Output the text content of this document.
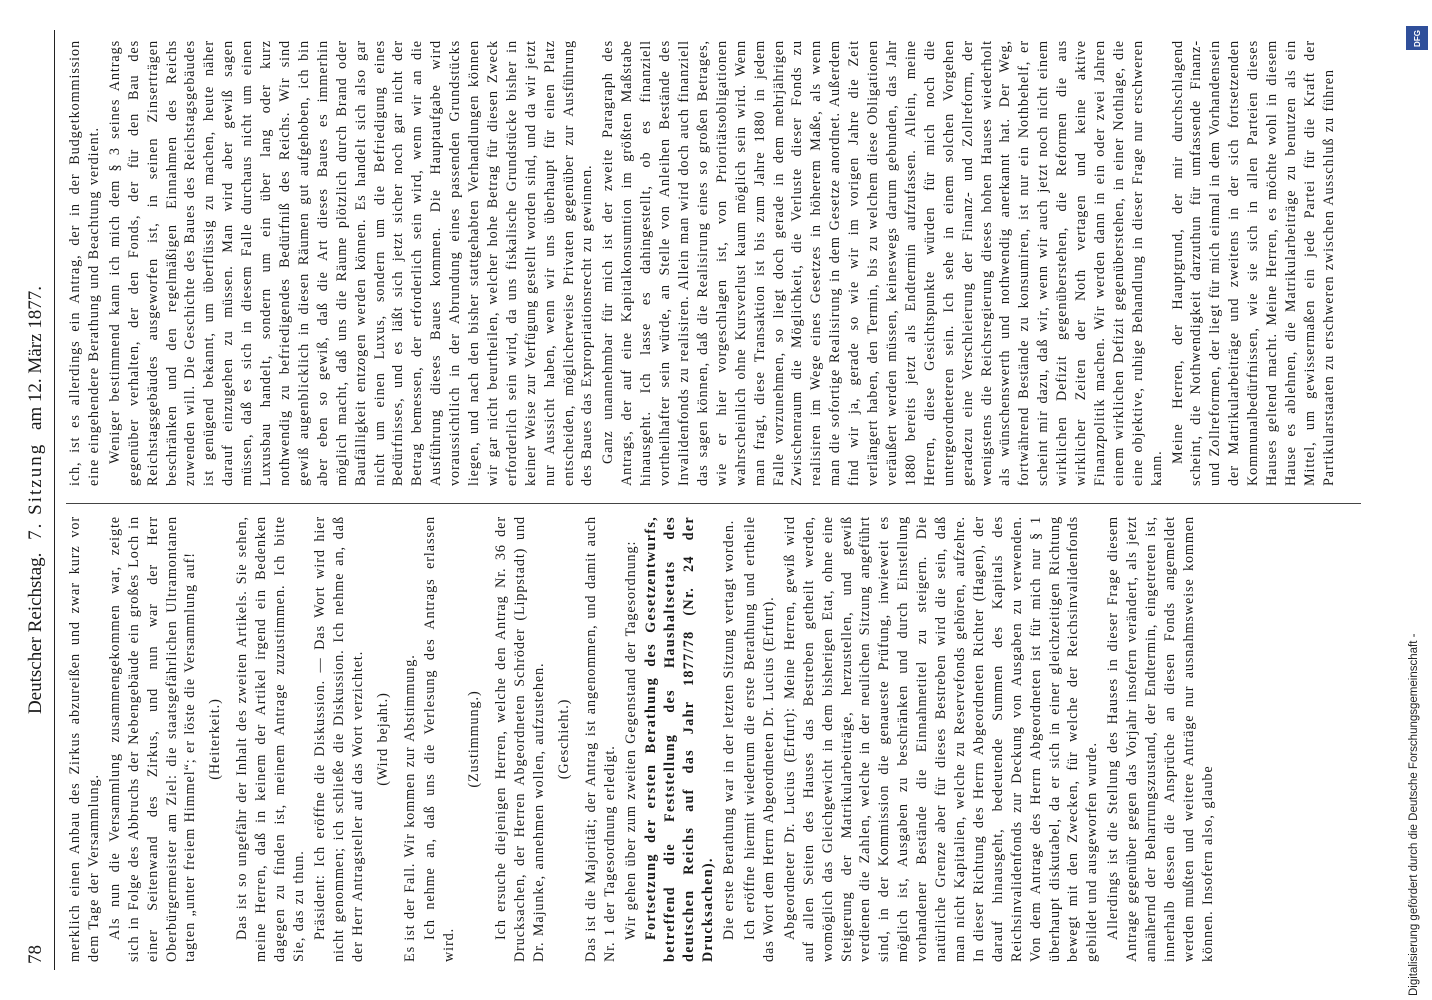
78
Deutscher Reichstag. 7. Sitzung am 12. März 1877.

merklich einen Anbau des Zirkus abzureißen und zwar kurz vor dem Tage der Versammlung. Als nun die Versammlung zusammengekommen war, zeigte sich in Folge des Abbruchs der Nebengebäude ein großes Loch in einer Seitenwand des Zirkus, und nun war der Herr Oberbürgermeister am Ziel: die staatsgefährlichen Ultramontanen tagten „unter freiem Himmel“; er löste die Versammlung auf! (Heiterkeit.) Das ist so ungefähr der Inhalt des zweiten Artikels. Sie sehen, meine Herren, daß in keinem der Artikel irgend ein Bedenken dagegen zu finden ist, meinem Antrage zuzustimmen. Ich bitte Sie, das zu thun. Präsident: Ich eröffne die Diskussion. — Das Wort wird hier nicht genommen; ich schließe die Diskussion. Ich nehme an, daß der Herr Antragsteller auf das Wort verzichtet. (Wird bejaht.) Es ist der Fall. Wir kommen zur Abstimmung. Ich nehme an, daß uns die Verlesung des Antrags erlassen wird.

(Zustimmung.) Ich ersuche diejenigen Herren, welche den Antrag Nr. 36 der Drucksachen, der Herren Abgeordneten Schröder (Lippstadt) und Dr. Majunke, annehmen wollen, aufzustehen. (Geschieht.) Das ist die Majorität; der Antrag ist angenommen, und damit auch Nr. 1 der Tagesordnung erledigt. Wir gehen über zum zweiten Gegenstand der Tagesordnung: Fortsetzung der ersten Berathung des Gesetzentwurfs, betreffend die Feststellung des Haushaltsetats des deutschen Reichs auf das Jahr 1877/78 (Nr. 24 der Drucksachen). Die erste Berathung war in der letzten Sitzung vertagt worden. Ich eröffne hiermit wiederum die erste Berathung und ertheile das Wort dem Herrn Abgeordneten Dr. Lucius (Erfurt). Abgeordneter Dr. Lucius (Erfurt): Meine Herren, gewiß wird auf allen Seiten des Hauses das Bestreben getheilt werden, womöglich das Gleichgewicht in dem bisherigen Etat, ohne eine Steigerung der Matrikularbeiträge, herzustellen, und gewiß verdienen die Zahlen, welche in der neulichen Sitzung angeführt sind, in der Kommission die genaueste Prüfung, inwieweit es möglich ist, Ausgaben zu beschränken und durch Einstellung vorhandener Bestände die Einnahmetitel zu steigern. Die natürliche Grenze aber für dieses Bestreben wird die sein, daß man nicht Kapitalien, welche zu Reservefonds gehören, aufzehre. In dieser Richtung des Herrn Abgeordneten Richter (Hagen), der darauf hinausgeht, bedeutende Summen des Kapitals des Reichsinvalidenfonds zur Deckung von Ausgaben zu verwenden. Von dem Antrage des Herrn Abgeordneten ist für mich nur § 1 überhaupt diskutabel, da er sich in einer gleichzeitigen Richtung bewegt mit den Zwecken, für welche der Reichsinvalidenfonds gebildet und ausgeworfen wurde. Allerdings ist die Stellung des Hauses in dieser Frage diesem Antrage gegenüber gegen das Vorjahr insofern verändert, als jetzt annähernd der Beharrungszustand, der Endtermin, eingetreten ist, innerhalb dessen die Ansprüche an diesen Fonds angemeldet werden mußten und weitere Anträge nur ausnahmsweise kommen können. Insofern also, glaube

ich, ist es allerdings ein Antrag, der in der Budgetkommission eine eingehendere Berathung und Beachtung verdient. Weniger bestimmend kann ich mich dem § 3 seines Antrags gegenüber verhalten, der den Fonds, der für den Bau des Reichstagsgebäudes ausgeworfen ist, in seinen Zinserträgen beschränken und den regelmäßigen Einnahmen des Reichs zuwenden will. Die Geschichte des Baues des Reichstagsgebäudes ist genügend bekannt, um überflüssig zu machen, heute näher darauf einzugehen zu müssen. Man wird aber gewiß sagen müssen, daß es sich in diesem Falle durchaus nicht um einen Luxusbau handelt, sondern um ein über lang oder kurz nothwendig zu befriedigendes Bedürfniß des Reichs. Wir sind gewiß augenblicklich in diesen Räumen gut aufgehoben, ich bin aber eben so gewiß, daß die Art dieses Baues es immerhin möglich macht, daß uns die Räume plötzlich durch Brand oder Baufälligkeit entzogen werden können. Es handelt sich also gar nicht um einen Luxus, sondern um die Befriedigung eines Bedürfnisses, und es läßt sich jetzt sicher noch gar nicht der Betrag bemessen, der erforderlich sein wird, wenn wir an die Ausführung dieses Baues kommen. Die Hauptaufgabe wird voraussichtlich in der Abrundung eines passenden Grundstücks liegen, und nach den bisher stattgehabten Verhandlungen können wir gar nicht beurtheilen, welcher hohe Betrag für diesen Zweck erforderlich sein wird, da uns fiskalische Grundstücke bisher in keiner Weise zur Verfügung gestellt worden sind, und da wir jetzt nur Aussicht haben, wenn wir uns überhaupt für einen Platz entscheiden, möglicherweise Privaten gegenüber zur Ausführung des Baues das Expropriationsrecht zu gewinnen. Ganz unannehmbar für mich ist der zweite Paragraph des Antrags, der auf eine Kapitalkonsumtion im größten Maßstabe hinausgeht. Ich lasse es dahingestellt, ob es finanziell vortheilhafter sein würde, an Stelle von Anleihen Bestände des Invalidenfonds zu realisiren. Allein man wird doch auch finanziell das sagen können, daß die Realisirung eines so großen Betrages, wie er hier vorgeschlagen ist, von Prioritätsobligationen wahrscheinlich ohne Kursverlust kaum möglich sein wird. Wenn man fragt, diese Transaktion ist bis zum Jahre 1880 in jedem Falle vorzunehmen, so liegt doch gerade in dem mehrjährigen Zwischenraum die Möglichkeit, die Verluste dieser Fonds zu realisiren im Wege eines Gesetzes in höherem Maße, als wenn man die sofortige Realisirung in dem Gesetze anordnet. Außerdem find wir ja, gerade so wie wir im vorigen Jahre die Zeit verlängert haben, den Termin, bis zu welchem diese Obligationen veräußert werden müssen, keineswegs darum gebunden, das Jahr 1880 bereits jetzt als Endtermin aufzufassen. Allein, meine Herren, diese Gesichtspunkte würden für mich noch die untergeordneteren sein. Ich sehe in einem solchen Vorgehen geradezu eine Verschleierung der Finanz- und Zollreform, der wenigstens die Reichsregierung dieses hohen Hauses wiederholt als wünschenswerth und nothwendig anerkannt hat. Der Weg, fortwährend Bestände zu konsumiren, ist nur ein Nothbehelf, er scheint mir dazu, daß wir, wenn wir auch jetzt noch nicht einem wirklichen Defizit gegenüberstehen, die Reformen die aus wirklicher Zeiten der Noth vertagen und keine aktive Finanzpolitik machen. Wir werden dann in ein oder zwei Jahren einem wirklichen Defizit gegenüberstehen, in einer Nothlage, die eine objektive, ruhige Behandlung in dieser Frage nur erschweren kann.

Meine Herren, der Hauptgrund, der mir durchschlagend scheint, die Nothwendigkeit darzuthun für umfassende Finanz- und Zollreformen, der liegt für mich einmal in dem Vorhandensein der Matrikularbeiträge und zweitens in der sich fortsetzenden Kommunalbedürfnissen, wie sie sich in allen Parteien dieses Hauses geltend macht. Meine Herren, es möchte wohl in diesem Hause es ablehnen, die Matrikularbeiträge zu benutzen als ein Mittel, um gewissermaßen ein jede Partei für die Kraft der Partikularstaaten zu erschweren zwischen Ausschluß zu führen

Digitalisierung gefördert durch die Deutsche Forschungsgemeinschaft -
DFG
